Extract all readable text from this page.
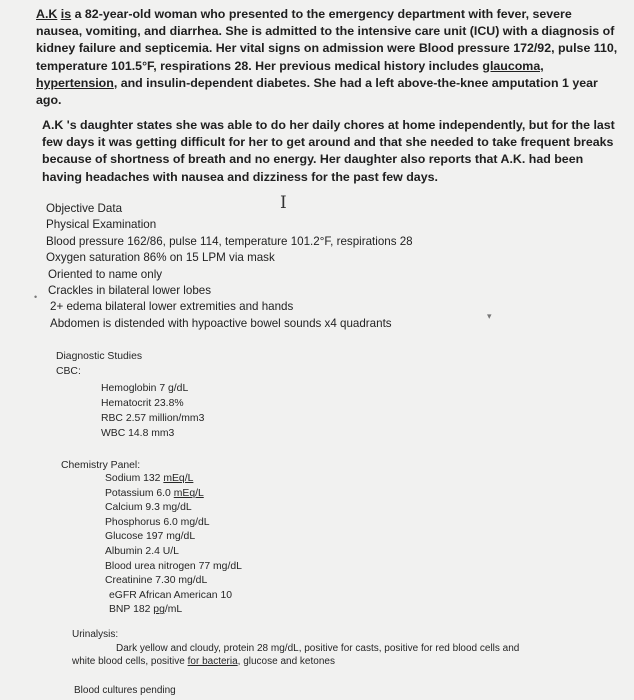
A.K is a 82-year-old woman who presented to the emergency department with fever, severe nausea, vomiting, and diarrhea. She is admitted to the intensive care unit (ICU) with a diagnosis of kidney failure and septicemia. Her vital signs on admission were Blood pressure 172/92, pulse 110, temperature 101.5°F, respirations 28. Her previous medical history includes glaucoma, hypertension, and insulin-dependent diabetes. She had a left above-the-knee amputation 1 year ago.
A.K 's daughter states she was able to do her daily chores at home independently, but for the last few days it was getting difficult for her to get around and that she needed to take frequent breaks because of shortness of breath and no energy. Her daughter also reports that A.K. had been having headaches with nausea and dizziness for the past few days.
I
Objective Data
Physical Examination
Blood pressure 162/86, pulse 114, temperature 101.2°F, respirations 28
Oxygen saturation 86% on 15 LPM via mask
Oriented to name only
Crackles in bilateral lower lobes
2+ edema bilateral lower extremities and hands
Abdomen is distended with hypoactive bowel sounds x4 quadrants
•
▾
Diagnostic Studies
CBC:
Hemoglobin 7 g/dL
Hematocrit 23.8%
RBC 2.57 million/mm3
WBC 14.8 mm3
Chemistry Panel:
Sodium 132 mEq/L
Potassium 6.0 mEq/L
Calcium 9.3 mg/dL
Phosphorus 6.0 mg/dL
Glucose 197 mg/dL
Albumin 2.4 U/L
Blood urea nitrogen 77 mg/dL
Creatinine 7.30 mg/dL
eGFR African American 10
BNP 182 pg/mL
Urinalysis:
Dark yellow and cloudy, protein 28 mg/dL, positive for casts, positive for red blood cells and
white blood cells, positive for bacteria, glucose and ketones
Blood cultures pending
